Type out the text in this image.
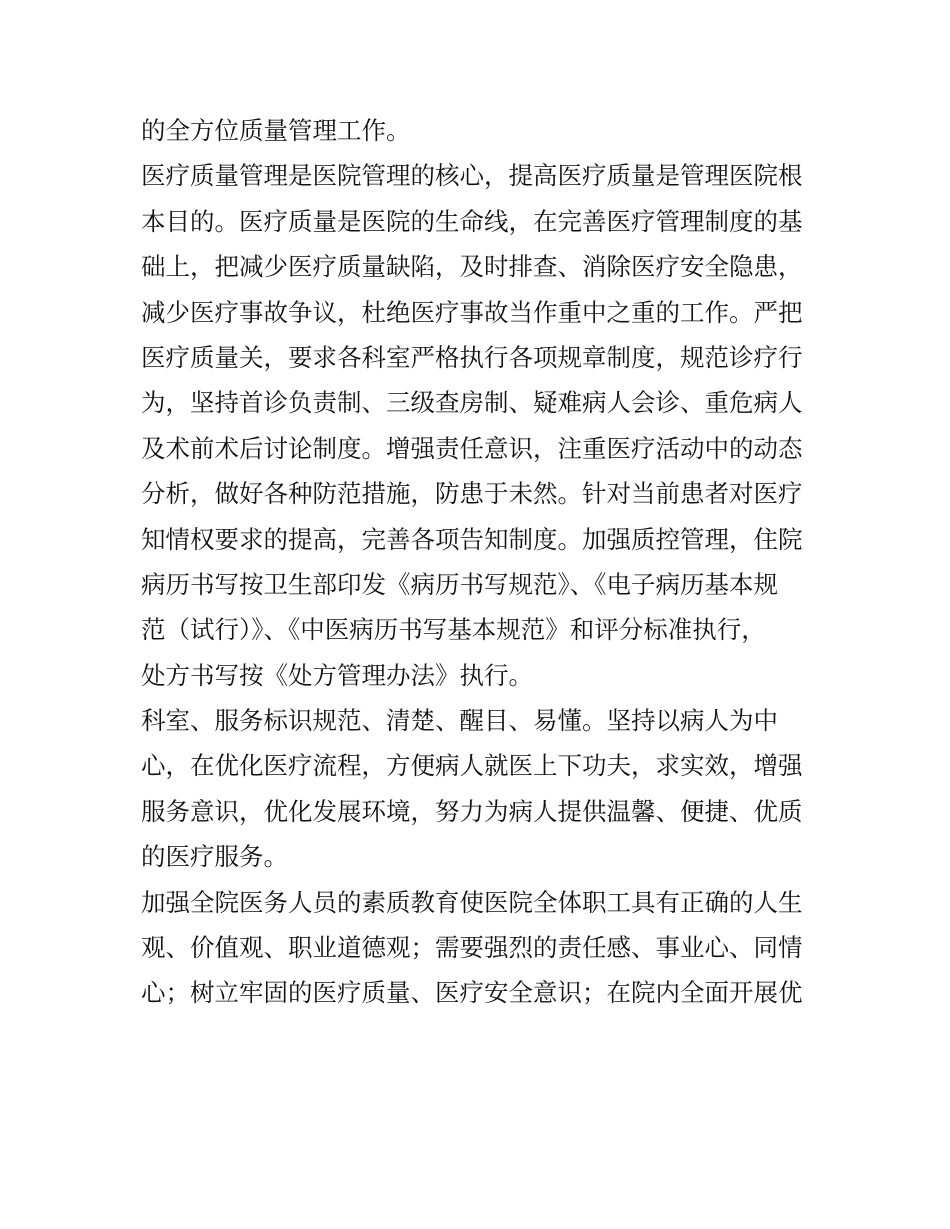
的全方位质量管理工作。
医疗质量管理是医院管理的核心，提高医疗质量是管理医院根
本目的。医疗质量是医院的生命线，在完善医疗管理制度的基
础上，把减少医疗质量缺陷，及时排查、消除医疗安全隐患，
减少医疗事故争议，杜绝医疗事故当作重中之重的工作。严把
医疗质量关，要求各科室严格执行各项规章制度，规范诊疗行
为，坚持首诊负责制、三级查房制、疑难病人会诊、重危病人
及术前术后讨论制度。增强责任意识，注重医疗活动中的动态
分析，做好各种防范措施，防患于未然。针对当前患者对医疗
知情权要求的提高，完善各项告知制度。加强质控管理，住院
病历书写按卫生部印发《病历书写规范》、《电子病历基本规
范（试行）》、《中医病历书写基本规范》和评分标准执行，
处方书写按《处方管理办法》执行。
科室、服务标识规范、清楚、醒目、易懂。坚持以病人为中
心，在优化医疗流程，方便病人就医上下功夫，求实效，增强
服务意识，优化发展环境，努力为病人提供温馨、便捷、优质
的医疗服务。
加强全院医务人员的素质教育使医院全体职工具有正确的人生
观、价值观、职业道德观；需要强烈的责任感、事业心、同情
心；树立牢固的医疗质量、医疗安全意识；在院内全面开展优
